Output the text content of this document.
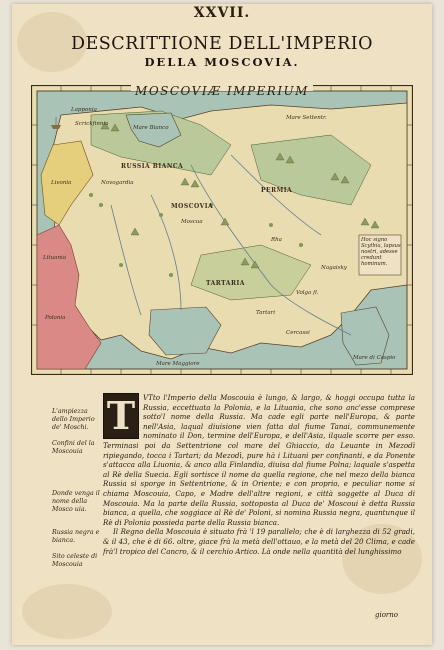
XXVII.
DESCRITTIONE DELL'IMPERIO
DELLA MOSCOVIA.
Lapponia
Scrickfinnia
Mare Bianco
Mare Settentr.
RUSSIA BIANCA
Novogardia
MOSCOVIA
Moscua
PERMIA
TARTARIA
Livonia
Lituania
Polonia
Rha
Volga fl.
Nagaisky
Tartari
Cercassi
Mare Maggiore
Mare di Caspio
Hoc signo Scythia, lapsus nostri, adesse credunt hominum.
MOSCOVIÆ IMPERIUM
L'ampiezza dello Imperio de' Moschi.
Confini del la Moscouia
Donde venga il nome della Mosco uia.
Russia negra e bianca.
Sito celeste di Moscouia
T	VTto l'Imperio della Moscouia è lungo, & largo, & hoggi occupa tutta la Russia, eccettuata la Polonia, e la Lituania, che sono anc'esse comprese sotto'l nome della Russia. Ma cade egli parte nell'Europa, & parte nell'Asia, laqual diuisione vien fatta dal fiume Tanai, communemente nominato il Don, termine dell'Europa, e dell'Asia, ilquale scorre per esso. Terminasi poi da Settentrione col mare del Ghiaccio, da Leuante in Mezodì ripiegando, tocca i Tartari; da Mezodì, pure hà i Lituani per confinanti, e da Ponente s'attacca alla Liuonia, & anco alla Finlandia, diuisa dal fiume Polna; laquale s'aspetta al Rè della Suecia. Egli sortisce il nome da quella regione, che nel mezo della bianca Russia si sporge in Settentrione, & in Oriente; e con proprio, e peculiar nome si chiama Moscouia, Capo, e Madre dell'altre regioni, e città soggette al Duca di Moscouia. Ma la parte della Russia, sottoposta al Duca de' Moscoui è detta Russia bianca, a quella, che soggiace al Rè de' Poloni, si nomina Russia negra, quantunque il Rè di Polonia possieda parte della Russia bianca.
Il Regno della Moscouia è situato frà 'l 19 parallelo; che è di larghezza di 52 gradi, & il 43, che è di 66. oltre, giace frà la metà dell'ottauo, e la metà del 20 Clima, e cade frà'l tropico del Cancro, & il cerchio Artico. Là onde nella quantità del lunghissimo
giorno
